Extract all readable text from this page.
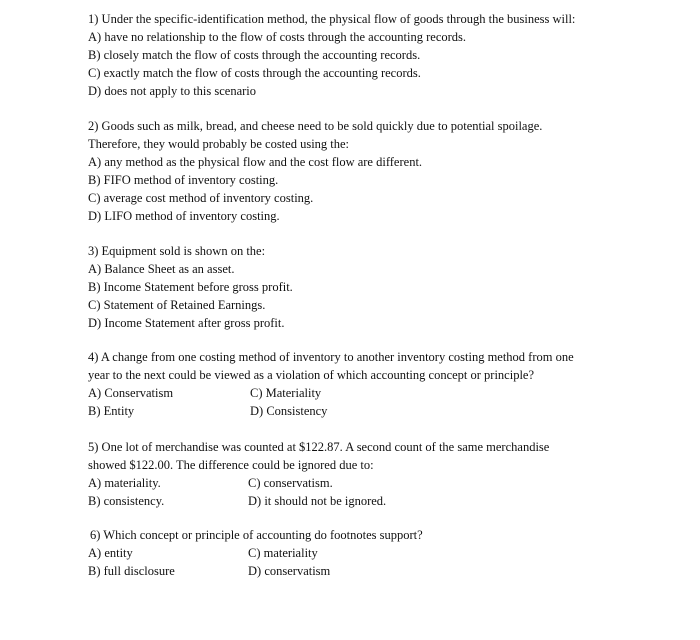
1) Under the specific-identification method, the physical flow of goods through the business will:
A) have no relationship to the flow of costs through the accounting records.
B) closely match the flow of costs through the accounting records.
C) exactly match the flow of costs through the accounting records.
D) does not apply to this scenario
2) Goods such as milk, bread, and cheese need to be sold quickly due to potential spoilage.
Therefore, they would probably be costed using the:
A) any method as the physical flow and the cost flow are different.
B) FIFO method of inventory costing.
C) average cost method of inventory costing.
D) LIFO method of inventory costing.
3) Equipment sold is shown on the:
A) Balance Sheet as an asset.
B) Income Statement before gross profit.
C) Statement of Retained Earnings.
D) Income Statement after gross profit.
4) A change from one costing method of inventory to another inventory costing method from one
year to the next could be viewed as a violation of which accounting concept or principle?
A) Conservatism	C) Materiality
B) Entity	D) Consistency
5) One lot of merchandise was counted at $122.87. A second count of the same merchandise
showed $122.00. The difference could be ignored due to:
A) materiality.	C) conservatism.
B) consistency.	D) it should not be ignored.
6) Which concept or principle of accounting do footnotes support?
A) entity	C) materiality
B) full disclosure	D) conservatism
